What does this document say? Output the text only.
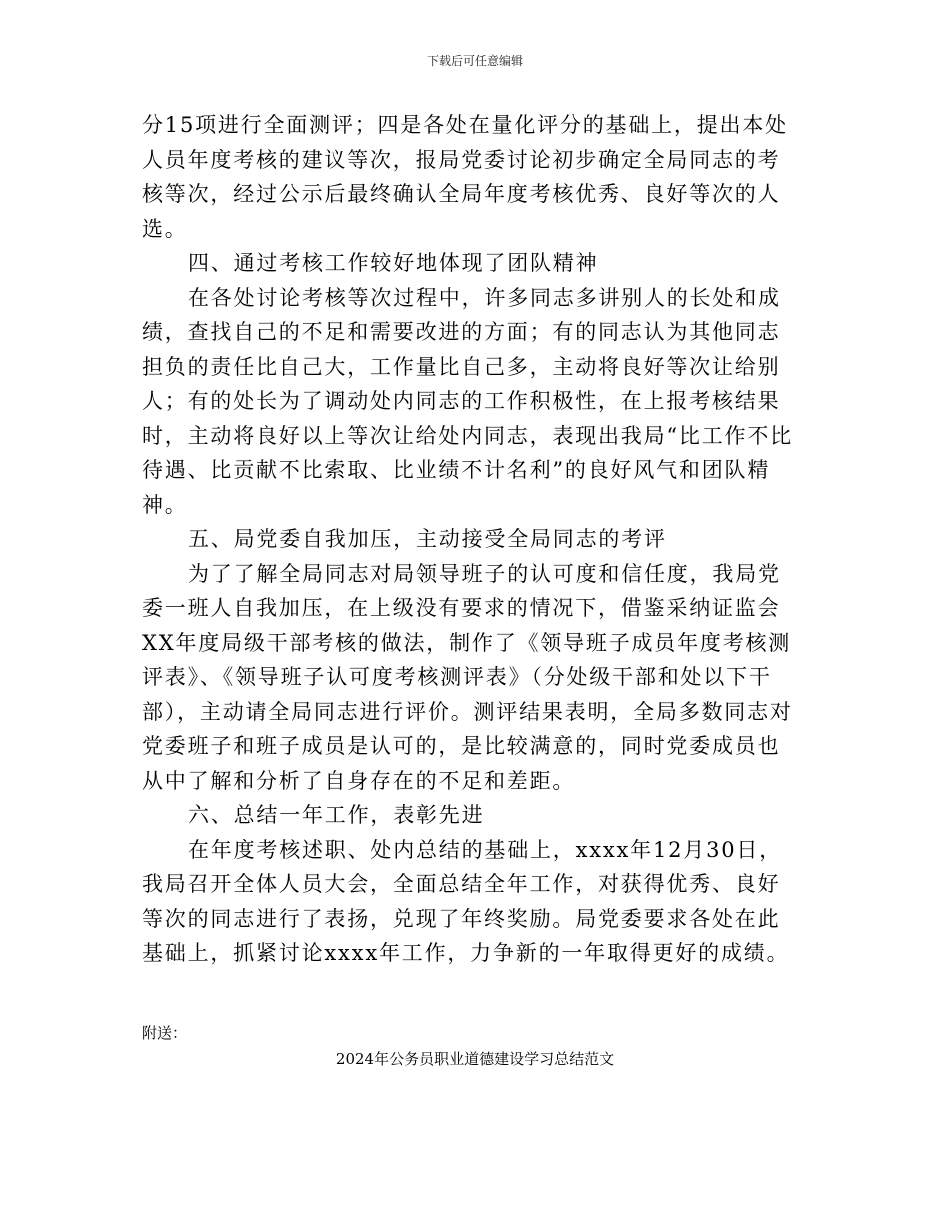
下载后可任意编辑

分15项进行全面测评；四是各处在量化评分的基础上，提出本处人员年度考核的建议等次，报局党委讨论初步确定全局同志的考核等次，经过公示后最终确认全局年度考核优秀、良好等次的人选。

四、通过考核工作较好地体现了团队精神

在各处讨论考核等次过程中，许多同志多讲别人的长处和成绩，查找自己的不足和需要改进的方面；有的同志认为其他同志担负的责任比自己大，工作量比自己多，主动将良好等次让给别人；有的处长为了调动处内同志的工作积极性，在上报考核结果时，主动将良好以上等次让给处内同志，表现出我局“比工作不比待遇、比贡献不比索取、比业绩不计名利”的良好风气和团队精神。

五、局党委自我加压，主动接受全局同志的考评

为了了解全局同志对局领导班子的认可度和信任度，我局党委一班人自我加压，在上级没有要求的情况下，借鉴采纳证监会XX年度局级干部考核的做法，制作了《领导班子成员年度考核测评表》、《领导班子认可度考核测评表》（分处级干部和处以下干部），主动请全局同志进行评价。测评结果表明，全局多数同志对党委班子和班子成员是认可的，是比较满意的，同时党委成员也从中了解和分析了自身存在的不足和差距。

六、总结一年工作，表彰先进

在年度考核述职、处内总结的基础上，xxxx年12月30日，我局召开全体人员大会，全面总结全年工作，对获得优秀、良好等次的同志进行了表扬，兑现了年终奖励。局党委要求各处在此基础上，抓紧讨论xxxx年工作，力争新的一年取得更好的成绩。

附送：
2024年公务员职业道德建设学习总结范文
